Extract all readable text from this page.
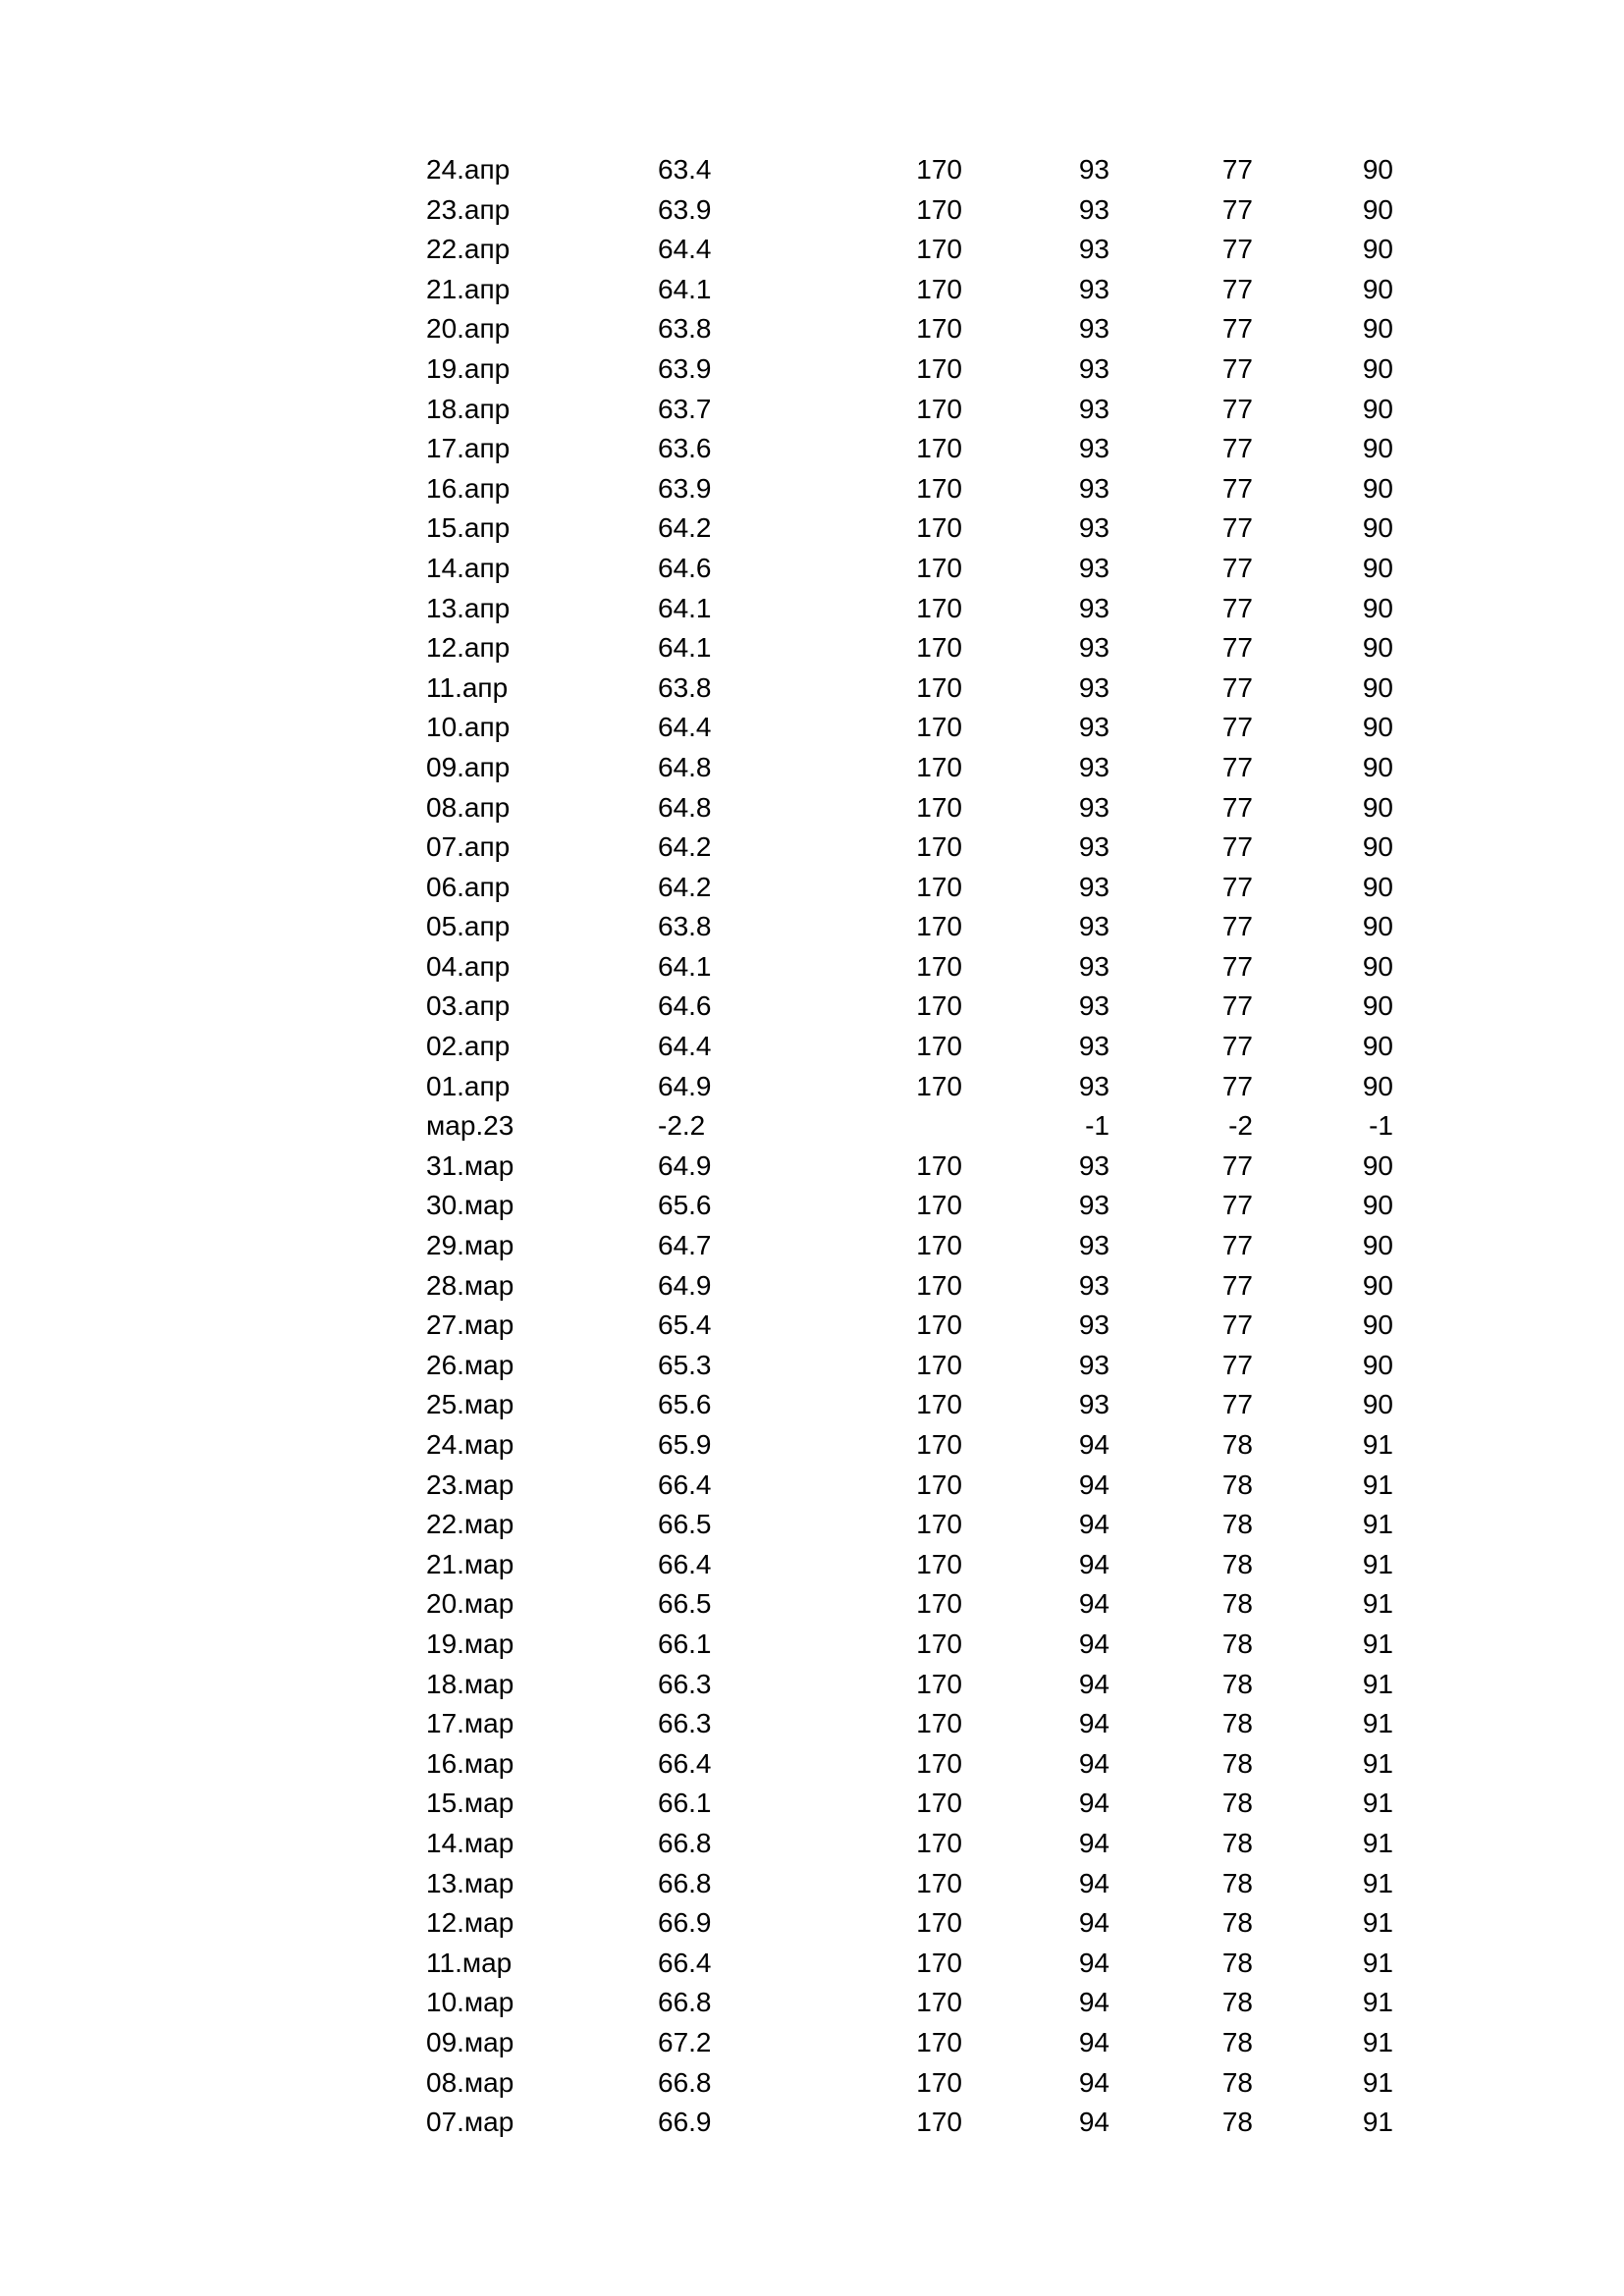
24.апр	63.4	170	93	77	90
23.апр	63.9	170	93	77	90
22.апр	64.4	170	93	77	90
21.апр	64.1	170	93	77	90
20.апр	63.8	170	93	77	90
19.апр	63.9	170	93	77	90
18.апр	63.7	170	93	77	90
17.апр	63.6	170	93	77	90
16.апр	63.9	170	93	77	90
15.апр	64.2	170	93	77	90
14.апр	64.6	170	93	77	90
13.апр	64.1	170	93	77	90
12.апр	64.1	170	93	77	90
11.апр	63.8	170	93	77	90
10.апр	64.4	170	93	77	90
09.апр	64.8	170	93	77	90
08.апр	64.8	170	93	77	90
07.апр	64.2	170	93	77	90
06.апр	64.2	170	93	77	90
05.апр	63.8	170	93	77	90
04.апр	64.1	170	93	77	90
03.апр	64.6	170	93	77	90
02.апр	64.4	170	93	77	90
01.апр	64.9	170	93	77	90
мар.23	-2.2		-1	-2	-1
31.мар	64.9	170	93	77	90
30.мар	65.6	170	93	77	90
29.мар	64.7	170	93	77	90
28.мар	64.9	170	93	77	90
27.мар	65.4	170	93	77	90
26.мар	65.3	170	93	77	90
25.мар	65.6	170	93	77	90
24.мар	65.9	170	94	78	91
23.мар	66.4	170	94	78	91
22.мар	66.5	170	94	78	91
21.мар	66.4	170	94	78	91
20.мар	66.5	170	94	78	91
19.мар	66.1	170	94	78	91
18.мар	66.3	170	94	78	91
17.мар	66.3	170	94	78	91
16.мар	66.4	170	94	78	91
15.мар	66.1	170	94	78	91
14.мар	66.8	170	94	78	91
13.мар	66.8	170	94	78	91
12.мар	66.9	170	94	78	91
11.мар	66.4	170	94	78	91
10.мар	66.8	170	94	78	91
09.мар	67.2	170	94	78	91
08.мар	66.8	170	94	78	91
07.мар	66.9	170	94	78	91
